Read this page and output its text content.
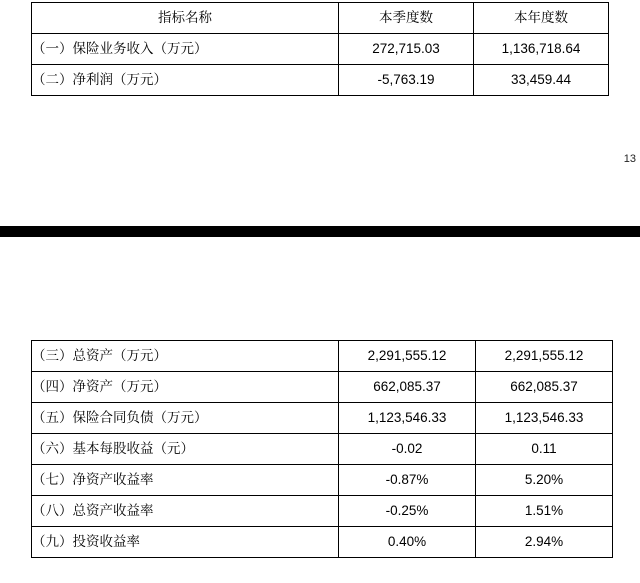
指标名称	本季度数	本年度数
（一）保险业务收入（万元）	272,715.03	1,136,718.64
（二）净利润（万元）	-5,763.19	33,459.44
13
（三）总资产（万元）	2,291,555.12	2,291,555.12
（四）净资产（万元）	662,085.37	662,085.37
（五）保险合同负债（万元）	1,123,546.33	1,123,546.33
（六）基本每股收益（元）	-0.02	0.11
（七）净资产收益率	-0.87%	5.20%
（八）总资产收益率	-0.25%	1.51%
（九）投资收益率	0.40%	2.94%
